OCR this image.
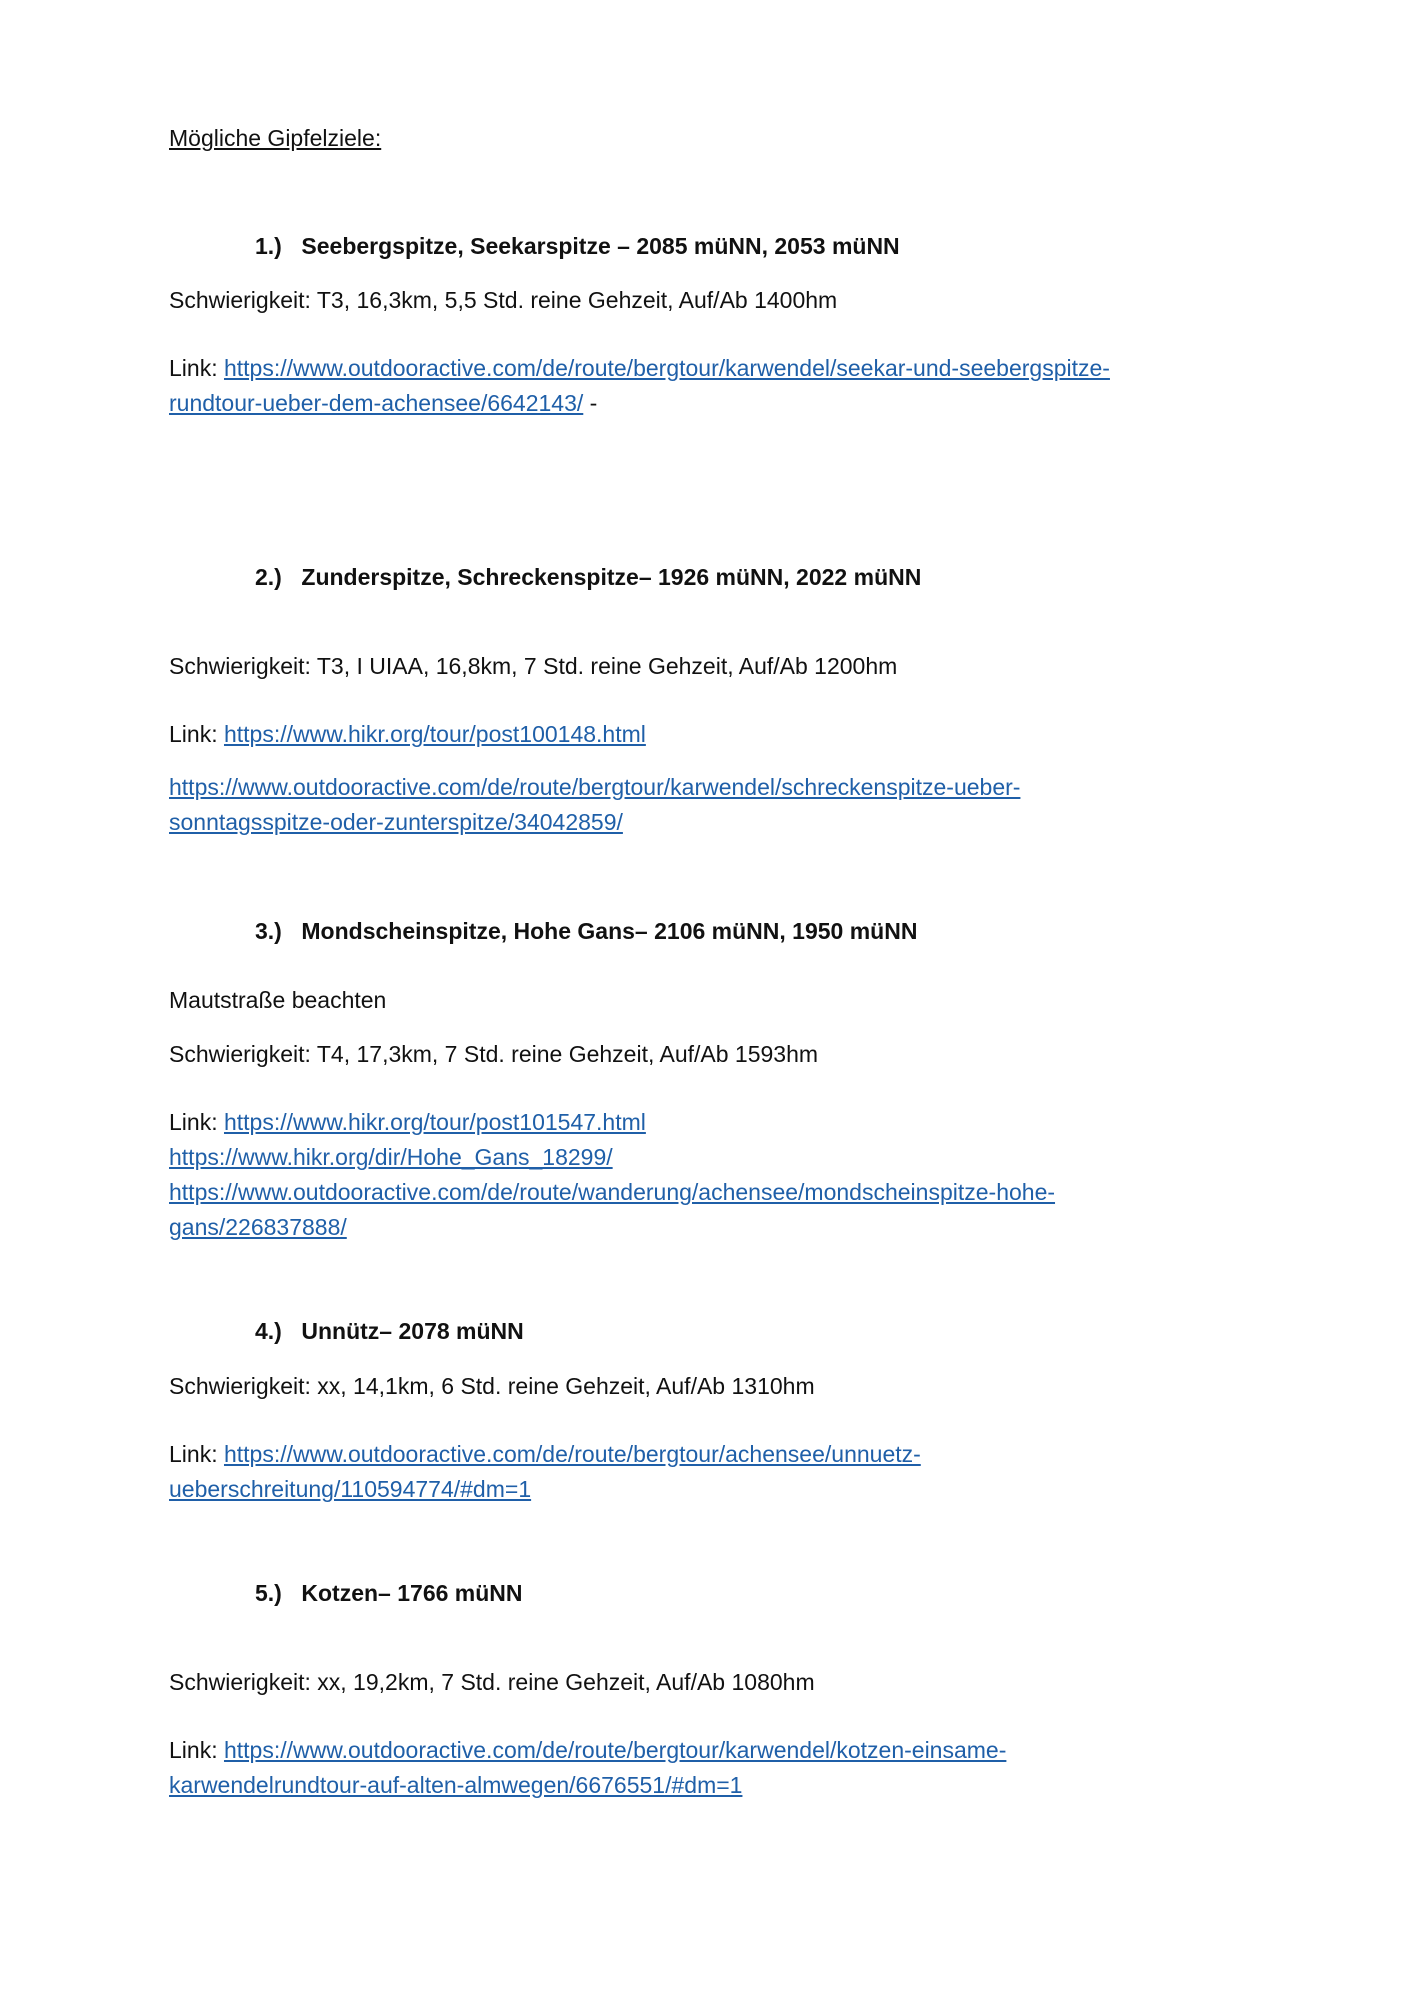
Mögliche Gipfelziele:
1.) Seebergspitze, Seekarspitze – 2085 müNN, 2053 müNN
Schwierigkeit: T3, 16,3km, 5,5 Std. reine Gehzeit, Auf/Ab 1400hm
Link: https://www.outdooractive.com/de/route/bergtour/karwendel/seekar-und-seebergspitze-
rundtour-ueber-dem-achensee/6642143/ -
2.) Zunderspitze, Schreckenspitze– 1926 müNN, 2022 müNN
Schwierigkeit: T3, I UIAA, 16,8km, 7 Std. reine Gehzeit, Auf/Ab 1200hm
Link: https://www.hikr.org/tour/post100148.html
https://www.outdooractive.com/de/route/bergtour/karwendel/schreckenspitze-ueber-
sonntagsspitze-oder-zunterspitze/34042859/
3.) Mondscheinspitze, Hohe Gans– 2106 müNN, 1950 müNN
Mautstraße beachten
Schwierigkeit: T4, 17,3km, 7 Std. reine Gehzeit, Auf/Ab 1593hm
Link: https://www.hikr.org/tour/post101547.html
https://www.hikr.org/dir/Hohe_Gans_18299/
https://www.outdooractive.com/de/route/wanderung/achensee/mondscheinspitze-hohe-
gans/226837888/
4.) Unnütz– 2078 müNN
Schwierigkeit: xx, 14,1km, 6 Std. reine Gehzeit, Auf/Ab 1310hm
Link: https://www.outdooractive.com/de/route/bergtour/achensee/unnuetz-
ueberschreitung/110594774/#dm=1
5.) Kotzen– 1766 müNN
Schwierigkeit: xx, 19,2km, 7 Std. reine Gehzeit, Auf/Ab 1080hm
Link: https://www.outdooractive.com/de/route/bergtour/karwendel/kotzen-einsame-
karwendelrundtour-auf-alten-almwegen/6676551/#dm=1
